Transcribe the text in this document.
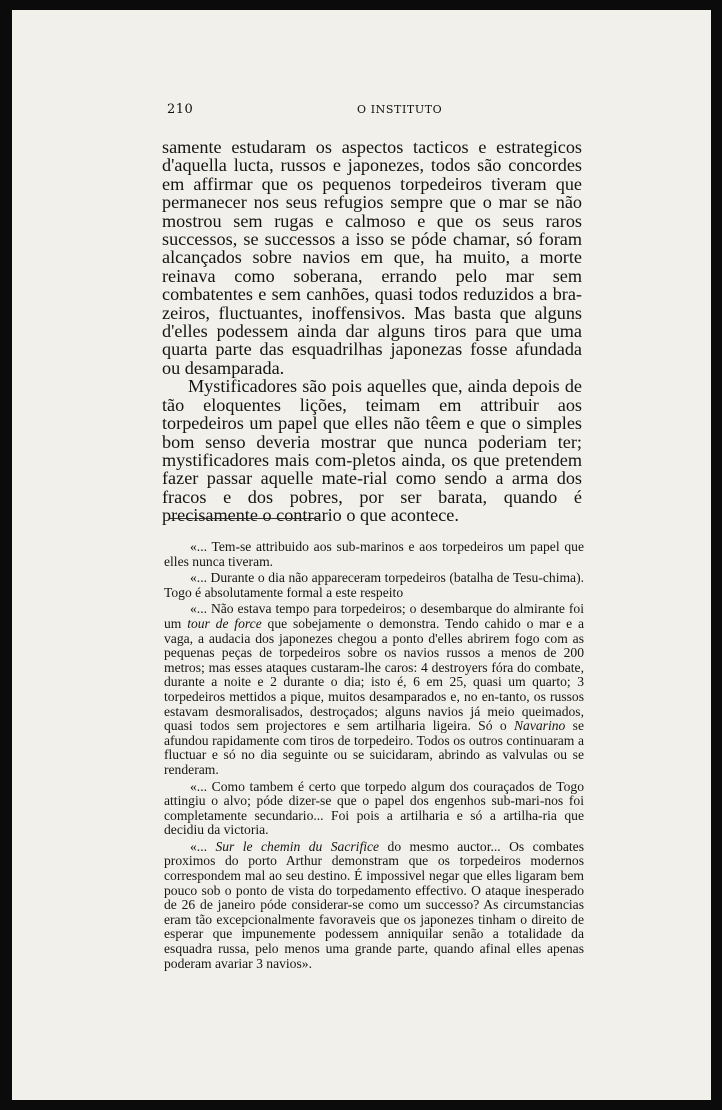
210	O INSTITUTO

samente estudaram os aspectos tacticos e estrategicos d'aquella lucta, russos e japonezes, todos são concordes em affirmar que os pequenos torpedeiros tiveram que permanecer nos seus refugios sempre que o mar se não mostrou sem rugas e calmoso e que os seus raros successos, se successos a isso se póde chamar, só foram alcançados sobre navios em que, ha muito, a morte reinava como soberana, errando pelo mar sem combatentes e sem canhões, quasi todos reduzidos a bra-zeiros, fluctuantes, inoffensivos. Mas basta que alguns d'elles podessem ainda dar alguns tiros para que uma quarta parte das esquadrilhas japonezas fosse afundada ou desamparada.

Mystificadores são pois aquelles que, ainda depois de tão eloquentes lições, teimam em attribuir aos torpedeiros um papel que elles não têem e que o simples bom senso deveria mostrar que nunca poderiam ter; mystificadores mais com-pletos ainda, os que pretendem fazer passar aquelle mate-rial como sendo a arma dos fracos e dos pobres, por ser barata, quando é precisamente o contrario o que acontece.

«... Tem-se attribuido aos sub-marinos e aos torpedeiros um papel que elles nunca tiveram.

«... Durante o dia não appareceram torpedeiros (batalha de Tesu-chima). Togo é absolutamente formal a este respeito

«... Não estava tempo para torpedeiros; o desembarque do almirante foi um tour de force que sobejamente o demonstra. Tendo cahido o mar e a vaga, a audacia dos japonezes chegou a ponto d'elles abrirem fogo com as pequenas peças de torpedeiros sobre os navios russos a menos de 200 metros; mas esses ataques custaram-lhe caros: 4 destroyers fóra do combate, durante a noite e 2 durante o dia; isto é, 6 em 25, quasi um quarto; 3 torpedeiros mettidos a pique, muitos desamparados e, no en-tanto, os russos estavam desmoralisados, destroçados; alguns navios já meio queimados, quasi todos sem projectores e sem artilharia ligeira. Só o Navarino se afundou rapidamente com tiros de torpedeiro. Todos os outros continuaram a fluctuar e só no dia seguinte ou se suicidaram, abrindo as valvulas ou se renderam.

«... Como tambem é certo que torpedo algum dos couraçados de Togo attingiu o alvo; póde dizer-se que o papel dos engenhos sub-mari-nos foi completamente secundario... Foi pois a artilharia e só a artilha-ria que decidiu da victoria.

«... Sur le chemin du Sacrifice do mesmo auctor... Os combates proximos do porto Arthur demonstram que os torpedeiros modernos correspondem mal ao seu destino. É impossivel negar que elles ligaram bem pouco sob o ponto de vista do torpedamento effectivo. O ataque inesperado de 26 de janeiro póde considerar-se como um successo? As circumstancias eram tão excepcionalmente favoraveis que os japonezes tinham o direito de esperar que impunemente podessem anniquilar senão a totalidade da esquadra russa, pelo menos uma grande parte, quando afinal elles apenas poderam avariar 3 navios».
